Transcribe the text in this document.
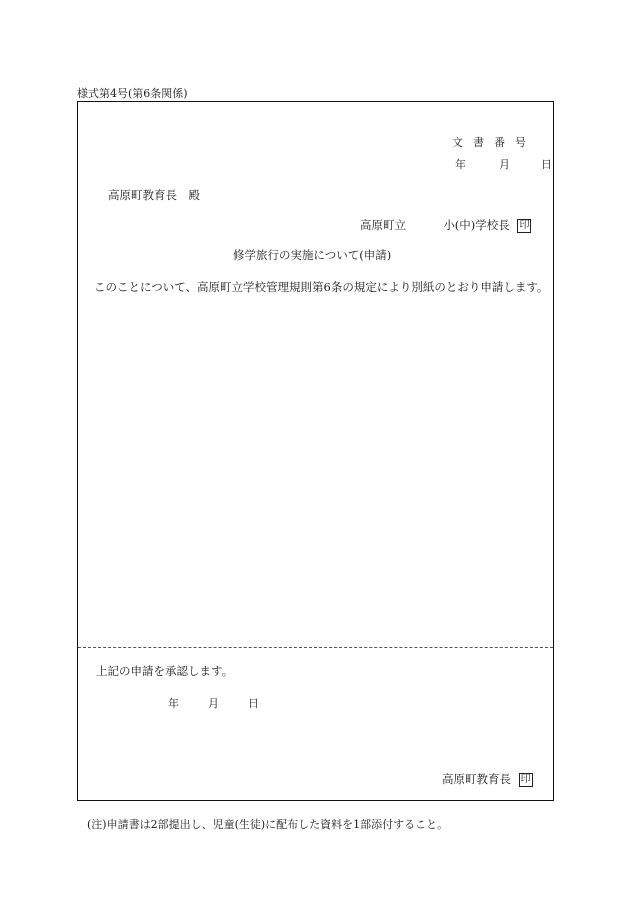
様式第4号(第6条関係)
文書番号
年	月	日
高原町教育長　殿
高原町立	小(中)学校長 印
修学旅行の実施について(申請)
このことについて、高原町立学校管理規則第6条の規定により別紙のとおり申請します。
上記の申請を承認します。
年	月	日
高原町教育長 印
(注)申請書は2部提出し、児童(生徒)に配布した資料を1部添付すること。
